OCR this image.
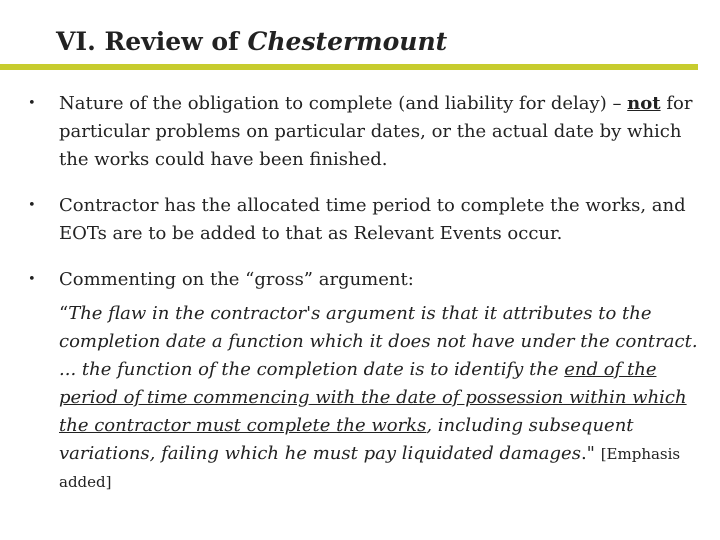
VI. Review of Chestermount
• Nature of the obligation to complete (and liability for delay) – not for particular problems on particular dates, or the actual date by which the works could have been finished.
• Contractor has the allocated time period to complete the works, and EOTs are to be added to that as Relevant Events occur.
• Commenting on the “gross” argument:
“The flaw in the contractor's argument is that it attributes to the completion date a function which it does not have under the contract. ... the function of the completion date is to identify the end of the period of time commencing with the date of possession within which the contractor must complete the works, including subsequent variations, failing which he must pay liquidated damages." [Emphasis added]
